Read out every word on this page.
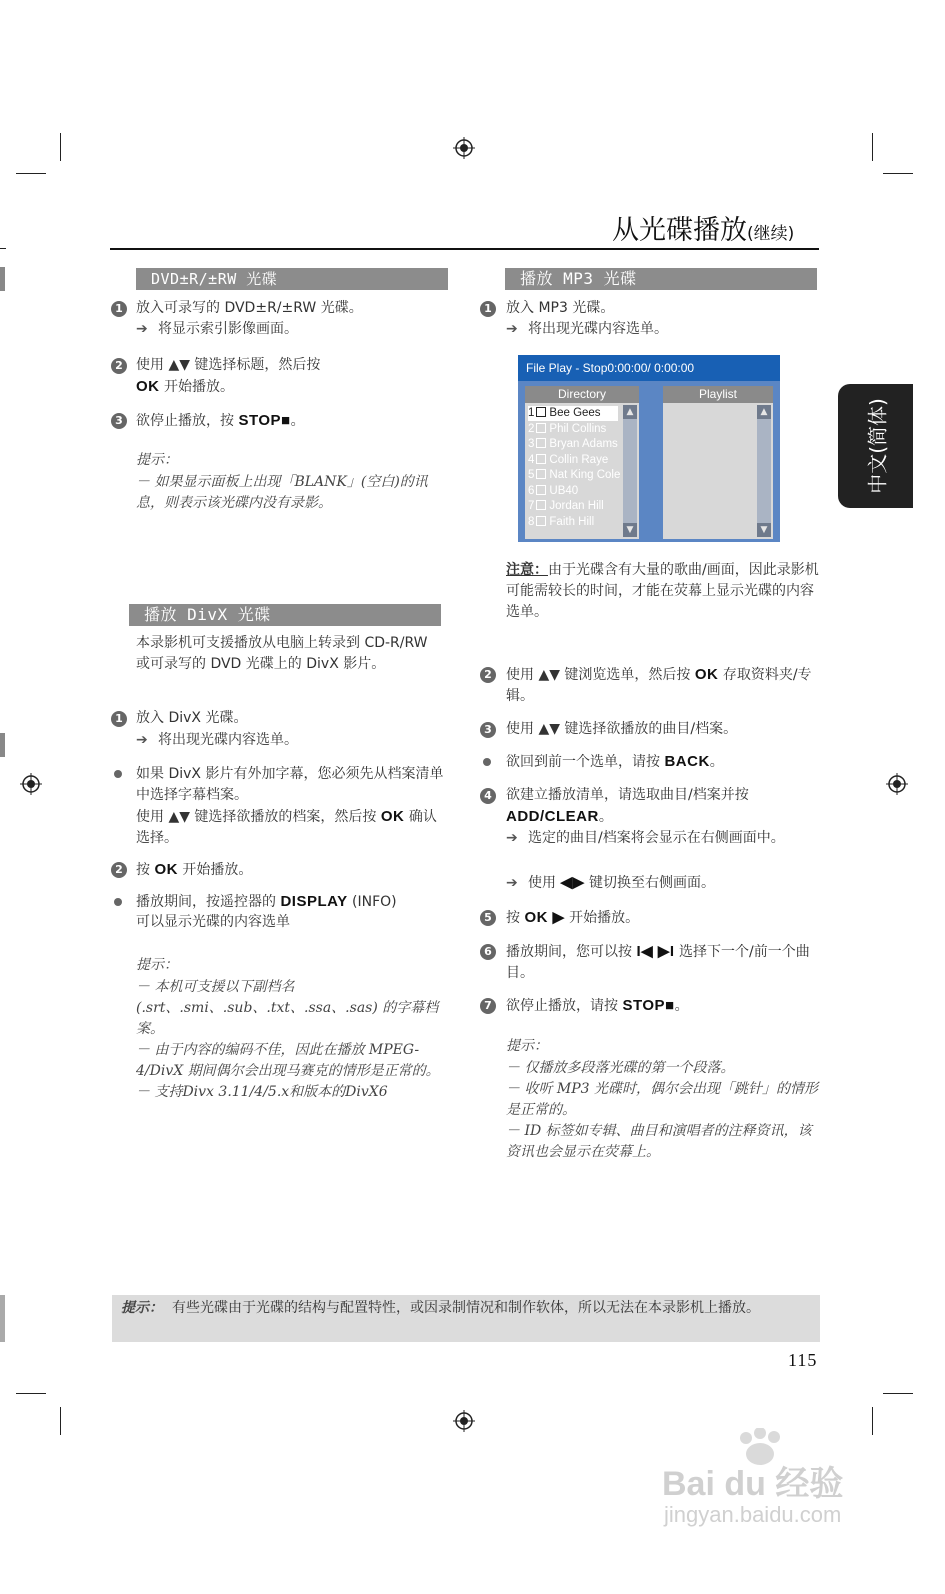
从光碟播放(继续)
中文(简体)
DVD±R/±RW 光碟
1 放入可录写的 DVD±R/±RW 光碟。
➔ 将显示索引影像画面。
2 使用 ▲▼ 键选择标题，然后按
OK 开始播放。
3 欲停止播放，按 STOP■。
提示：
－ 如果显示面板上出现「BLANK」(空白)的讯息，则表示该光碟内没有录影。
播放 DivX 光碟
本录影机可支援播放从电脑上转录到 CD-R/RW 或可录写的 DVD 光碟上的 DivX 影片。
1 放入 DivX 光碟。
➔ 将出现光碟内容选单。
如果 DivX 影片有外加字幕，您必须先从档案清单中选择字幕档案。
使用 ▲▼ 键选择欲播放的档案，然后按 OK 确认选择。
2 按 OK 开始播放。
播放期间，按遥控器的 DISPLAY (INFO)
可以显示光碟的内容选单
提示：
－ 本机可支援以下副档名 (.srt、.smi、.sub、.txt、.ssa、.sas) 的字幕档案。
－ 由于内容的编码不佳，因此在播放 MPEG-4/DivX 期间偶尔会出现马赛克的情形是正常的。
－ 支持Divx 3.11/4/5.x和版本的DivX6
播放 MP3 光碟
1 放入 MP3 光碟。
➔ 将出现光碟内容选单。
File Play - Stop0:00:00/ 0:00:00
Directory
▲
▼
Playlist
▲
▼
1 Bee Gees
2 Phil Collins
3 Bryan Adams
4 Collin Raye
5 Nat King Cole
6 UB40
7 Jordan Hill
8 Faith Hill
注意：由于光碟含有大量的歌曲/画面，因此录影机可能需较长的时间，才能在荧幕上显示光碟的内容选单。
2 使用 ▲▼ 键浏览选单，然后按 OK 存取资料夹/专辑。
3 使用 ▲▼ 键选择欲播放的曲目/档案。
欲回到前一个选单，请按 BACK。
4 欲建立播放清单，请选取曲目/档案并按
ADD/CLEAR。
➔ 选定的曲目/档案将会显示在右侧画面中。
➔ 使用 ◀▶ 键切换至右侧画面。
5 按 OK ▶ 开始播放。
6 播放期间，您可以按 I◀ ▶I 选择下一个/前一个曲目。
7 欲停止播放，请按 STOP■。
提示：
－ 仅播放多段落光碟的第一个段落。
－ 收听 MP3 光碟时，偶尔会出现「跳针」的情形是正常的。
－ ID 标签如专辑、曲目和演唱者的注释资讯，该资讯也会显示在荧幕上。
提示： 有些光碟由于光碟的结构与配置特性，或因录制情况和制作软体，所以无法在本录影机上播放。
115
Bai du 经验
jingyan.baidu.com
